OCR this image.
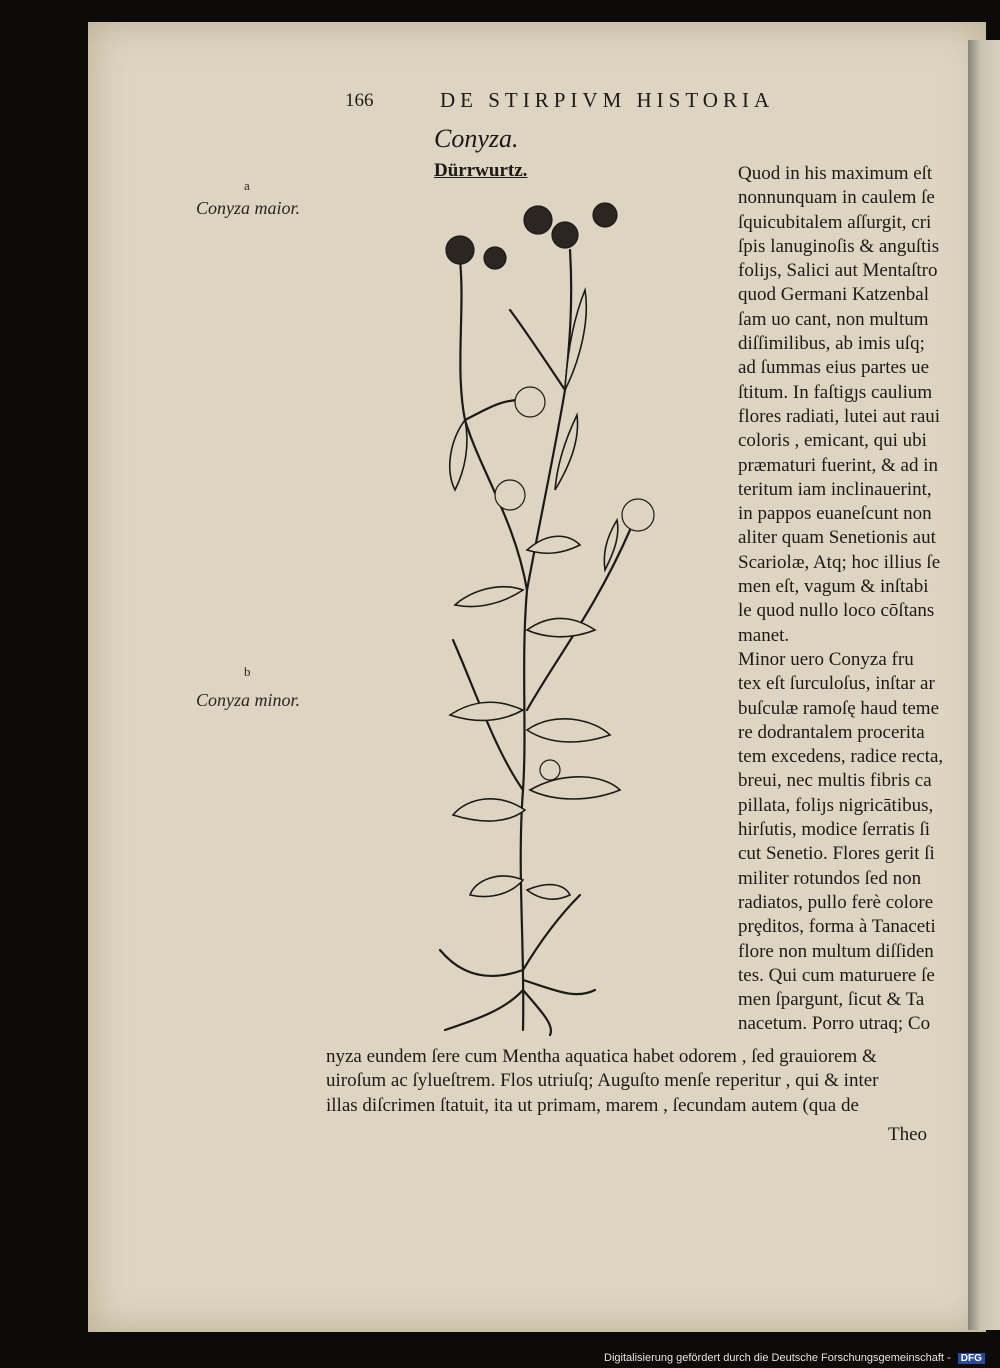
166	DE STIRPIVM HISTORIA
Conyza.
Dürrwurtz.
a
Conyza maior.
b
Conyza minor.
Quod in his maximum eſt
nonnunquam in caulem ſe
ſquicubitalem aſſurgit, cri
ſpis lanuginoſis & anguſtis
foliȷs, Salici aut Mentaſtro
quod Germani Katzenbal
ſam uo cant, non multum
diſſimilibus, ab imis uſq;
ad ſummas eius partes ue
ſtitum. In faſtigȷs caulium
flores radiati, lutei aut raui
coloris , emicant, qui ubi
præmaturi fuerint, & ad in
teritum iam inclinauerint,
in pappos euaneſcunt non
aliter quam Senetionis aut
Scariolæ, Atq; hoc illius ſe
men eſt, vagum & inſtabi
le quod nullo loco cōſtans
manet.
Minor uero Conyza fru
tex eſt ſurculoſus, inſtar ar
buſculæ ramoſę haud teme
re dodrantalem procerita
tem excedens, radice recta,
breui, nec multis fibris ca
pillata, foliȷs nigricātibus,
hirſutis, modice ſerratis ſi
cut Senetio. Flores gerit ſi
militer rotundos ſed non
radiatos, pullo ferè colore
prȩditos, forma à Tanaceti
flore non multum diſſiden
tes. Qui cum maturuere ſe
men ſpargunt, ſicut & Ta
nacetum. Porro utraq; Co
nyza eundem ſere cum Mentha aquatica habet odorem , ſed grauiorem &
uiroſum ac ſylueſtrem. Flos utriuſq; Auguſto menſe reperitur , qui & inter
illas diſcrimen ſtatuit, ita ut primam, marem , ſecundam autem (qua de
Theo
Digitalisierung gefördert durch die Deutsche Forschungsgemeinschaft - DFG
